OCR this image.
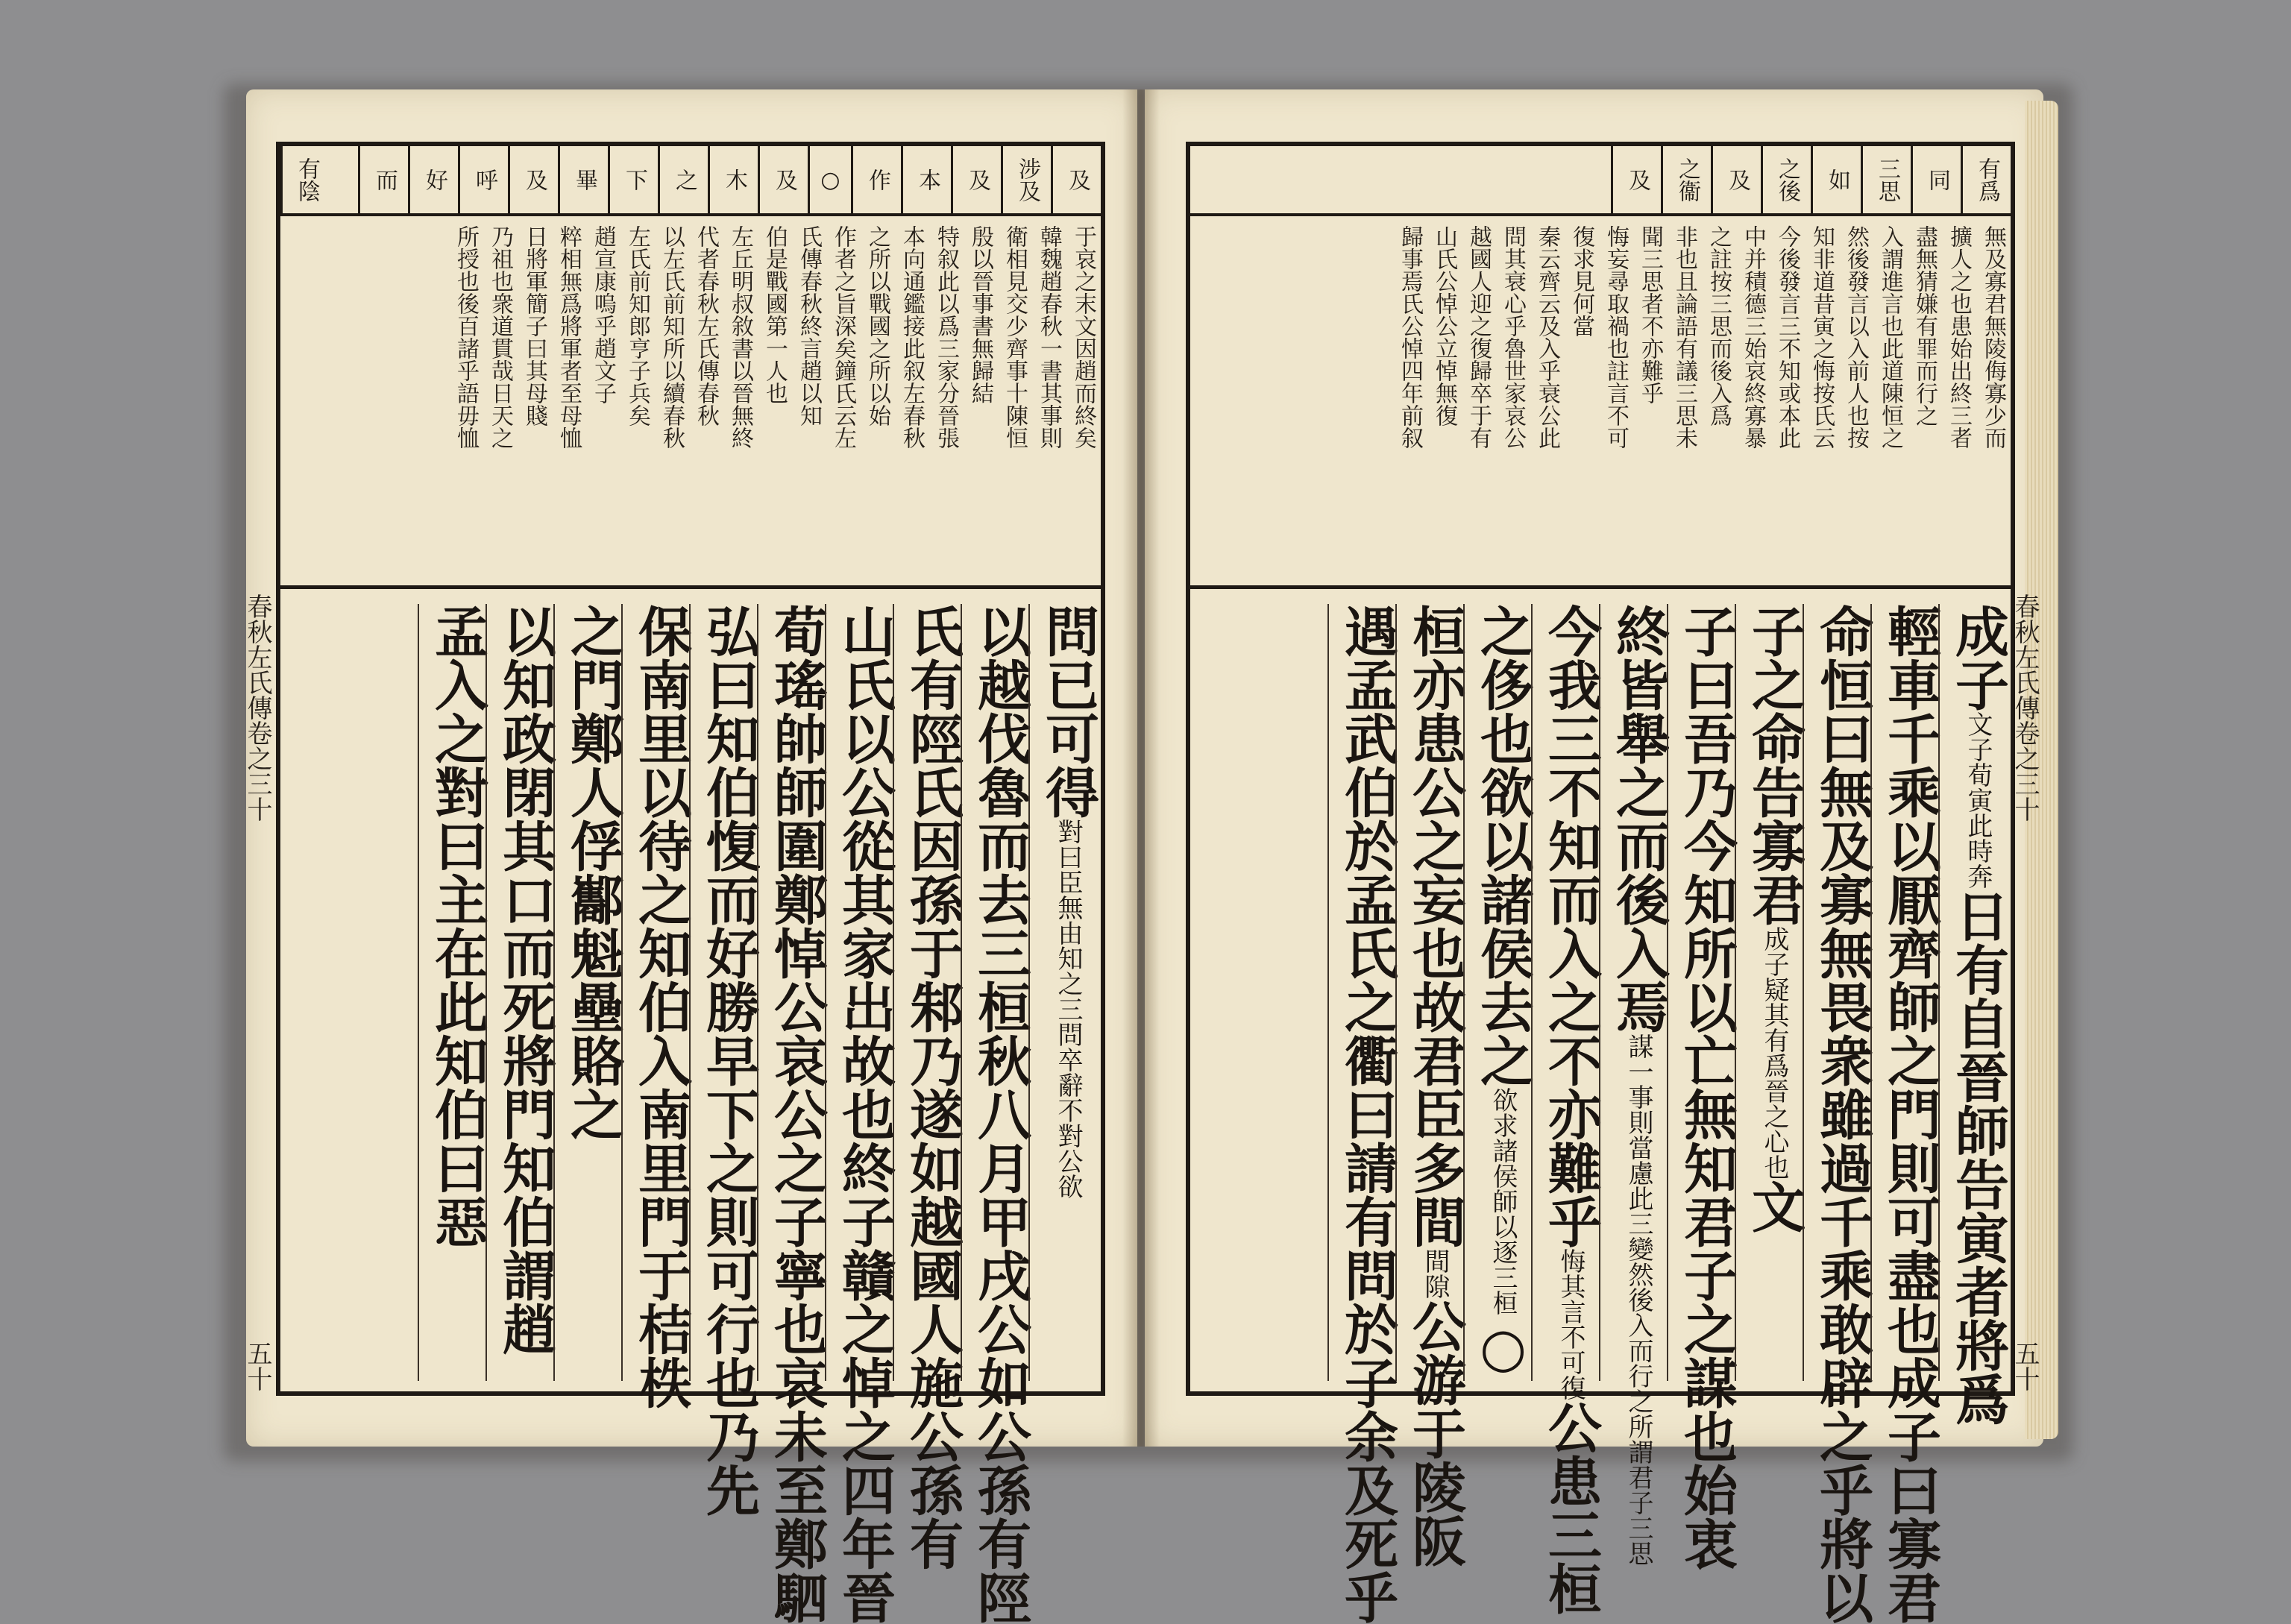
及
涉及
及
本
作
○
及
木
之
下
畢
及
呼
好
而
有陰
于哀之末文因趙而終矣
韓魏趙春秋一書其事則
衛相見交少齊事十陳恒
殷以晉事書無歸結
特叙此以爲三家分晉張
本向通鑑接此叙左春秋
之所以戰國之所以始
作者之旨深矣鐘氏云左
氏傳春秋終言趙以知
伯是戰國第一人也
左丘明叔敘書以晉無終
代者春秋左氏傳春秋
以左氏前知所以續春秋
左氏前知郎亨子兵矣
趙宣康嗚乎趙文子
粹相無爲將軍者至母恤
日將軍簡子曰其母賤
乃祖也衆道貫哉日天之
所授也後百諸乎語毋恤
問已可得對曰臣無由知之三問卒辭不對公欲
以越伐魯而去三桓秋八月甲戌公如公孫有陘
氏有陘氏因孫于邾乃遂如越國人施公孫有
山氏以公從其家出故也終子贛之悼之四年晉
荀瑤帥師圍鄭悼公哀公之子寧也哀未至鄭駟
弘曰知伯愎而好勝早下之則可行也乃先
保南里以待之知伯入南里門于桔柣
之門鄭人俘酅魁壘賂之
以知政閉其口而死將門知伯謂趙
孟入之對曰主在此知伯曰惡
春秋左氏傳卷之三十
五十
有爲
同
三思
如
之後
及
之衞
及
無及寡君無陵侮寡少而
擴人之也患始出終三者
盡無猜嫌有罪而行之
入謂進言也此道陳恒之
然後發言以入前人也按
知非道昔寅之悔按氏云
今後發言三不知或本此
中并積德三始哀終寡暴
之註按三思而後入爲
非也且論語有議三思未
聞三思者不亦難乎
悔妄尋取禍也註言不可
復求見何當
秦云齊云及入乎衰公此
問其衰心乎魯世家哀公
越國人迎之復歸卒于有
山氏公悼公立悼無復
歸事焉氏公悼四年前叙
成子文子荀寅此時奔日有自晉師告寅者將爲
輕車千乘以厭齊師之門則可盡也成子曰寡君
命恒曰無及寡無畏衆雖過千乘敢辟之乎將以
子之命告寡君成子疑其有爲晉之心也文
子曰吾乃今知所以亡無知君子之謀也始衷
終皆舉之而後入焉謀一事則當慮此三變然後入而行之所謂君子三思
今我三不知而入之不亦難乎悔其言不可復公患三桓
之侈也欲以諸侯去之欲求諸侯師以逐三桓○
桓亦患公之妄也故君臣多間間隙公游于陵阪
遇孟武伯於孟氏之衢曰請有問於子余及死乎	春秋左氏傳卷之三十
五十
